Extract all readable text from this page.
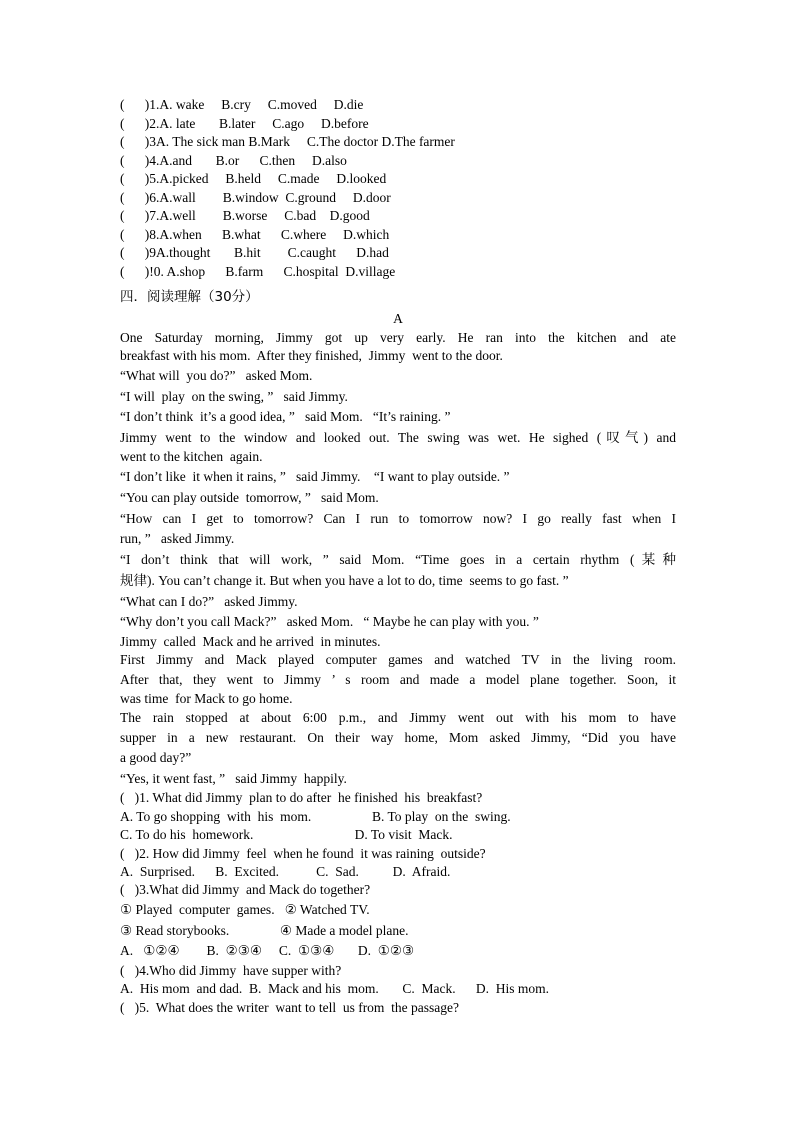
(      )1.A. wake     B.cry     C.moved     D.die
(      )2.A. late       B.later     C.ago     D.before
(      )3A. The sick man B.Mark     C.The doctor D.The farmer
(      )4.A.and       B.or      C.then     D.also
(      )5.A.picked     B.held     C.made     D.looked
(      )6.A.wall        B.window  C.ground     D.door
(      )7.A.well        B.worse     C.bad    D.good
(      )8.A.when      B.what      C.where     D.which
(      )9A.thought       B.hit        C.caught      D.had
(      )!0. A.shop      B.farm      C.hospital  D.village
四．阅读理解（30分）
A
One Saturday morning, Jimmy got up very early. He ran into the kitchen and ate
breakfast with his mom.  After they finished,  Jimmy  went to the door.
“What will  you do?”   asked Mom.
“I will  play  on the swing, ”   said Jimmy.
“I don’t think  it’s a good idea, ”   said Mom.   “It’s raining. ”
Jimmy went to the window and looked out. The swing was wet. He sighed (叹气) and
went to the kitchen  again.
“I don’t like  it when it rains, ”   said Jimmy.    “I want to play outside. ”
“You can play outside  tomorrow, ”   said Mom.
“How can I get to tomorrow? Can I run to tomorrow now? I go really fast when I
run, ”   asked Jimmy.
“I don’t think that will work, ” said Mom. “Time goes in a certain rhythm (某种
规律). You can’t change it. But when you have a lot to do, time  seems to go fast. ”
“What can I do?”   asked Jimmy.
“Why don’t you call Mack?”   asked Mom.   “ Maybe he can play with you. ”
Jimmy  called  Mack and he arrived  in minutes.
First Jimmy and Mack played computer games and watched TV in the living room.
After that, they went to Jimmy ’ s room and made a model plane together. Soon, it
was time  for Mack to go home.
The rain stopped at about 6:00 p.m., and Jimmy went out with his mom to have
supper in a new restaurant. On their way home, Mom asked Jimmy, “Did you have
a good day?”
“Yes, it went fast, ”   said Jimmy  happily.
(   )1. What did Jimmy  plan to do after  he finished  his  breakfast?
A. To go shopping  with  his  mom.                  B. To play  on the  swing.
C. To do his  homework.                              D. To visit  Mack.
(   )2. How did Jimmy  feel  when he found  it was raining  outside?
A.  Surprised.      B.  Excited.           C.  Sad.          D.  Afraid.
(   )3.What did Jimmy  and Mack do together?
① Played  computer  games.   ② Watched TV.
③ Read storybooks.               ④ Made a model plane.
A.   ①②④        B.  ②③④     C.  ①③④       D.  ①②③
(   )4.Who did Jimmy  have supper with?
A.  His mom  and dad.  B.  Mack and his  mom.       C.  Mack.      D.  His mom.
(   )5.  What does the writer  want to tell  us from  the passage?
